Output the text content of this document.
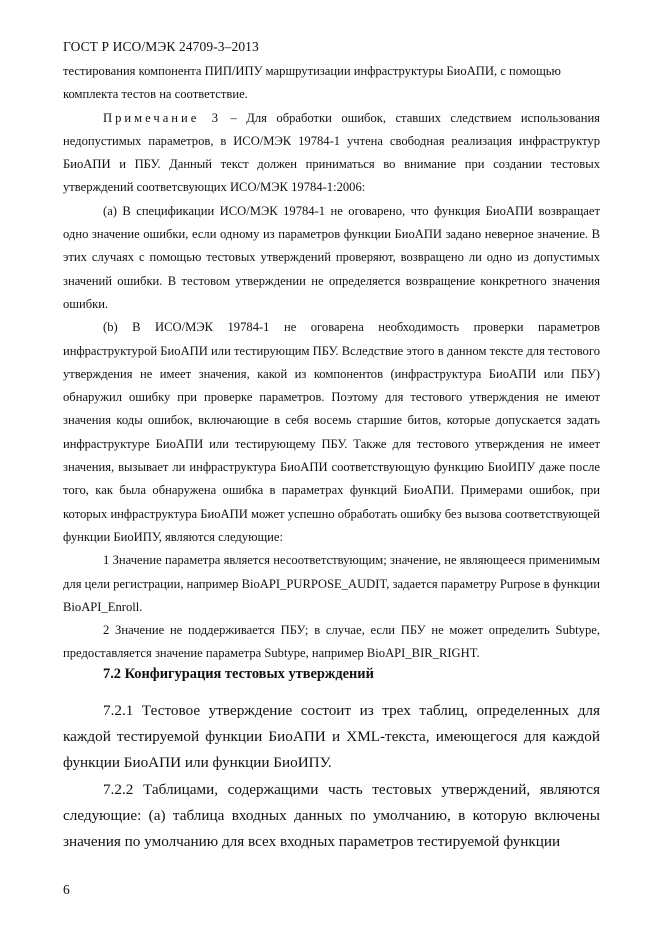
ГОСТ Р ИСО/МЭК 24709-3–2013

тестирования компонента ПИП/ИПУ маршрутизации инфраструктуры БиоАПИ, с помощью

комплекта тестов на соответствие.

Примечание 3 – Для обработки ошибок, ставших следствием использования недопустимых параметров, в ИСО/МЭК 19784-1 учтена свободная реализация инфраструктур БиоАПИ и ПБУ. Данный текст должен приниматься во внимание при создании тестовых утверждений соответсвующих ИСО/МЭК 19784-1:2006:

(a) В спецификации ИСО/МЭК 19784-1 не оговарено, что функция БиоАПИ возвращает одно значение ошибки, если одному из параметров функции БиоАПИ задано неверное значение. В этих случаях с помощью тестовых утверждений проверяют, возвращено ли одно из допустимых значений ошибки. В тестовом утверждении не определяется возвращение конкретного значения ошибки.

(b) В ИСО/МЭК 19784-1 не оговарена необходимость проверки параметров инфраструктурой БиоАПИ или тестирующим ПБУ. Вследствие этого в данном тексте для тестового утверждения не имеет значения, какой из компонентов (инфраструктура БиоАПИ или ПБУ) обнаружил ошибку при проверке параметров. Поэтому для тестового утверждения не имеют значения коды ошибок, включающие в себя восемь старшие битов, которые допускается задать инфраструктуре БиоАПИ или тестирующему ПБУ. Также для тестового утверждения не имеет значения, вызывает ли инфраструктура БиоАПИ соответствующую функцию БиоИПУ даже после того, как была обнаружена ошибка в параметрах функций БиоАПИ. Примерами ошибок, при которых инфраструктура БиоАПИ может успешно обработать ошибку без вызова соответствующей функции БиоИПУ, являются следующие:

1 Значение параметра является несоответствующим; значение, не являющееся применимым для цели регистрации, например BioAPI_PURPOSE_AUDIT, задается параметру Purpose в функции BioAPI_Enroll.

2 Значение не поддерживается ПБУ; в случае, если ПБУ не может определить Subtype, предоставляется значение параметра Subtype, например BioAPI_BIR_RIGHT.

7.2 Конфигурация тестовых утверждений

7.2.1 Тестовое утверждение состоит из трех таблиц, определенных для каждой тестируемой функции БиоАПИ и XML-текста, имеющегося для каждой функции БиоАПИ или функции БиоИПУ.

7.2.2 Таблицами, содержащими часть тестовых утверждений, являются следующие: (a) таблица входных данных по умолчанию, в которую включены значения по умолчанию для всех входных параметров тестируемой функции

6
